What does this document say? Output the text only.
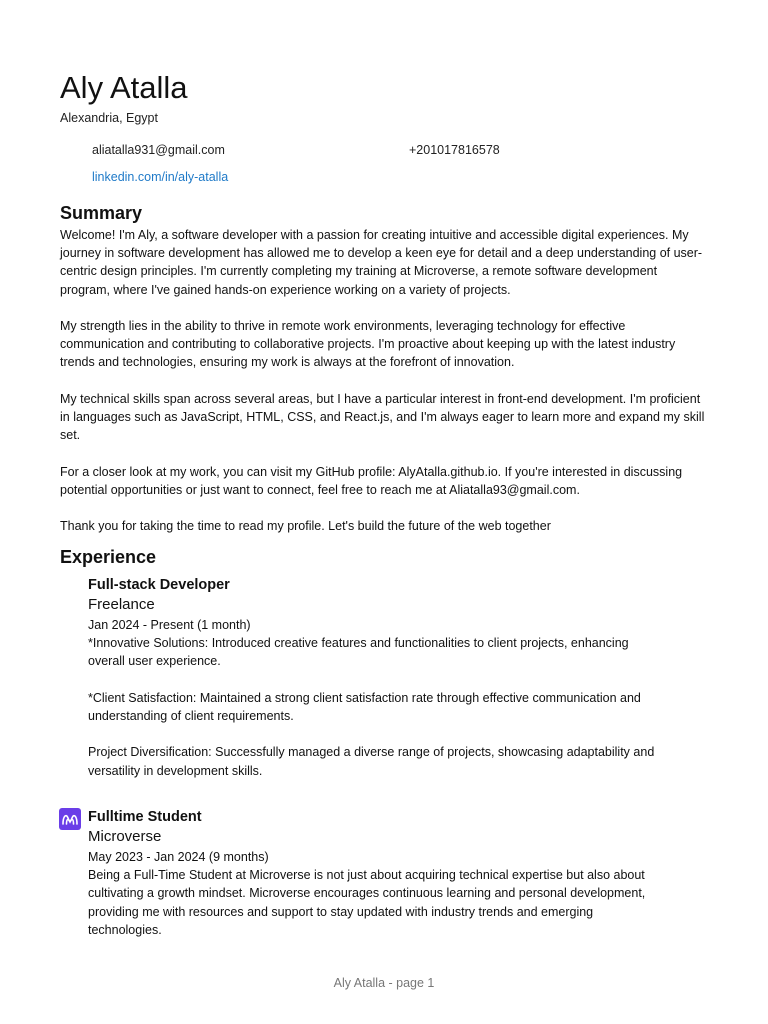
Aly Atalla
Alexandria, Egypt
aliatalla931@gmail.com	+201017816578
linkedin.com/in/aly-atalla
Summary

Welcome! I'm Aly, a software developer with a passion for creating intuitive and accessible digital experiences. My journey in software development has allowed me to develop a keen eye for detail and a deep understanding of user-centric design principles. I'm currently completing my training at Microverse, a remote software development program, where I've gained hands-on experience working on a variety of projects.

My strength lies in the ability to thrive in remote work environments, leveraging technology for effective communication and contributing to collaborative projects. I'm proactive about keeping up with the latest industry trends and technologies, ensuring my work is always at the forefront of innovation.

My technical skills span across several areas, but I have a particular interest in front-end development. I'm proficient in languages such as JavaScript, HTML, CSS, and React.js, and I'm always eager to learn more and expand my skill set.

For a closer look at my work, you can visit my GitHub profile: AlyAtalla.github.io. If you're interested in discussing potential opportunities or just want to connect, feel free to reach me at Aliatalla93@gmail.com.

Thank you for taking the time to read my profile. Let's build the future of the web together

Experience
Full-stack Developer
Freelance
Jan 2024 - Present (1 month)

*Innovative Solutions: Introduced creative features and functionalities to client projects, enhancing overall user experience.

*Client Satisfaction: Maintained a strong client satisfaction rate through effective communication and understanding of client requirements.

Project Diversification: Successfully managed a diverse range of projects, showcasing adaptability and versatility in development skills.

Fulltime Student
Microverse
May 2023 - Jan 2024 (9 months)

Being a Full-Time Student at Microverse is not just about acquiring technical expertise but also about cultivating a growth mindset. Microverse encourages continuous learning and personal development, providing me with resources and support to stay updated with industry trends and emerging technologies.

Aly Atalla - page 1
